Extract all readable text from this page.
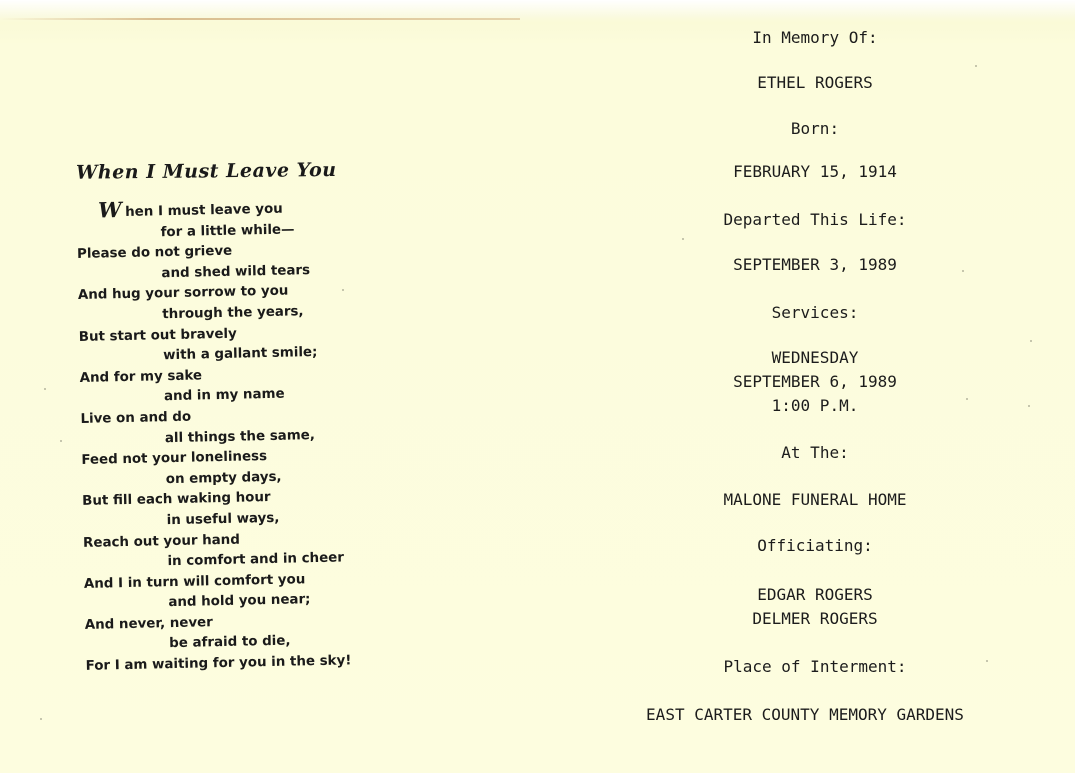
When I Must Leave You
W hen I must leave you
for a little while—
Please do not grieve
and shed wild tears
And hug your sorrow to you
through the years,
But start out bravely
with a gallant smile;
And for my sake
and in my name
Live on and do
all things the same,
Feed not your loneliness
on empty days,
But fill each waking hour
in useful ways,
Reach out your hand
in comfort and in cheer
And I in turn will comfort you
and hold you near;
And never, never
be afraid to die,
For I am waiting for you in the sky!
In Memory Of:
ETHEL ROGERS
Born:
FEBRUARY 15, 1914
Departed This Life:
SEPTEMBER 3, 1989
Services:
WEDNESDAY
SEPTEMBER 6, 1989
1:00 P.M.
At The:
MALONE FUNERAL HOME
Officiating:
EDGAR ROGERS
DELMER ROGERS
Place of Interment:
EAST CARTER COUNTY MEMORY GARDENS
